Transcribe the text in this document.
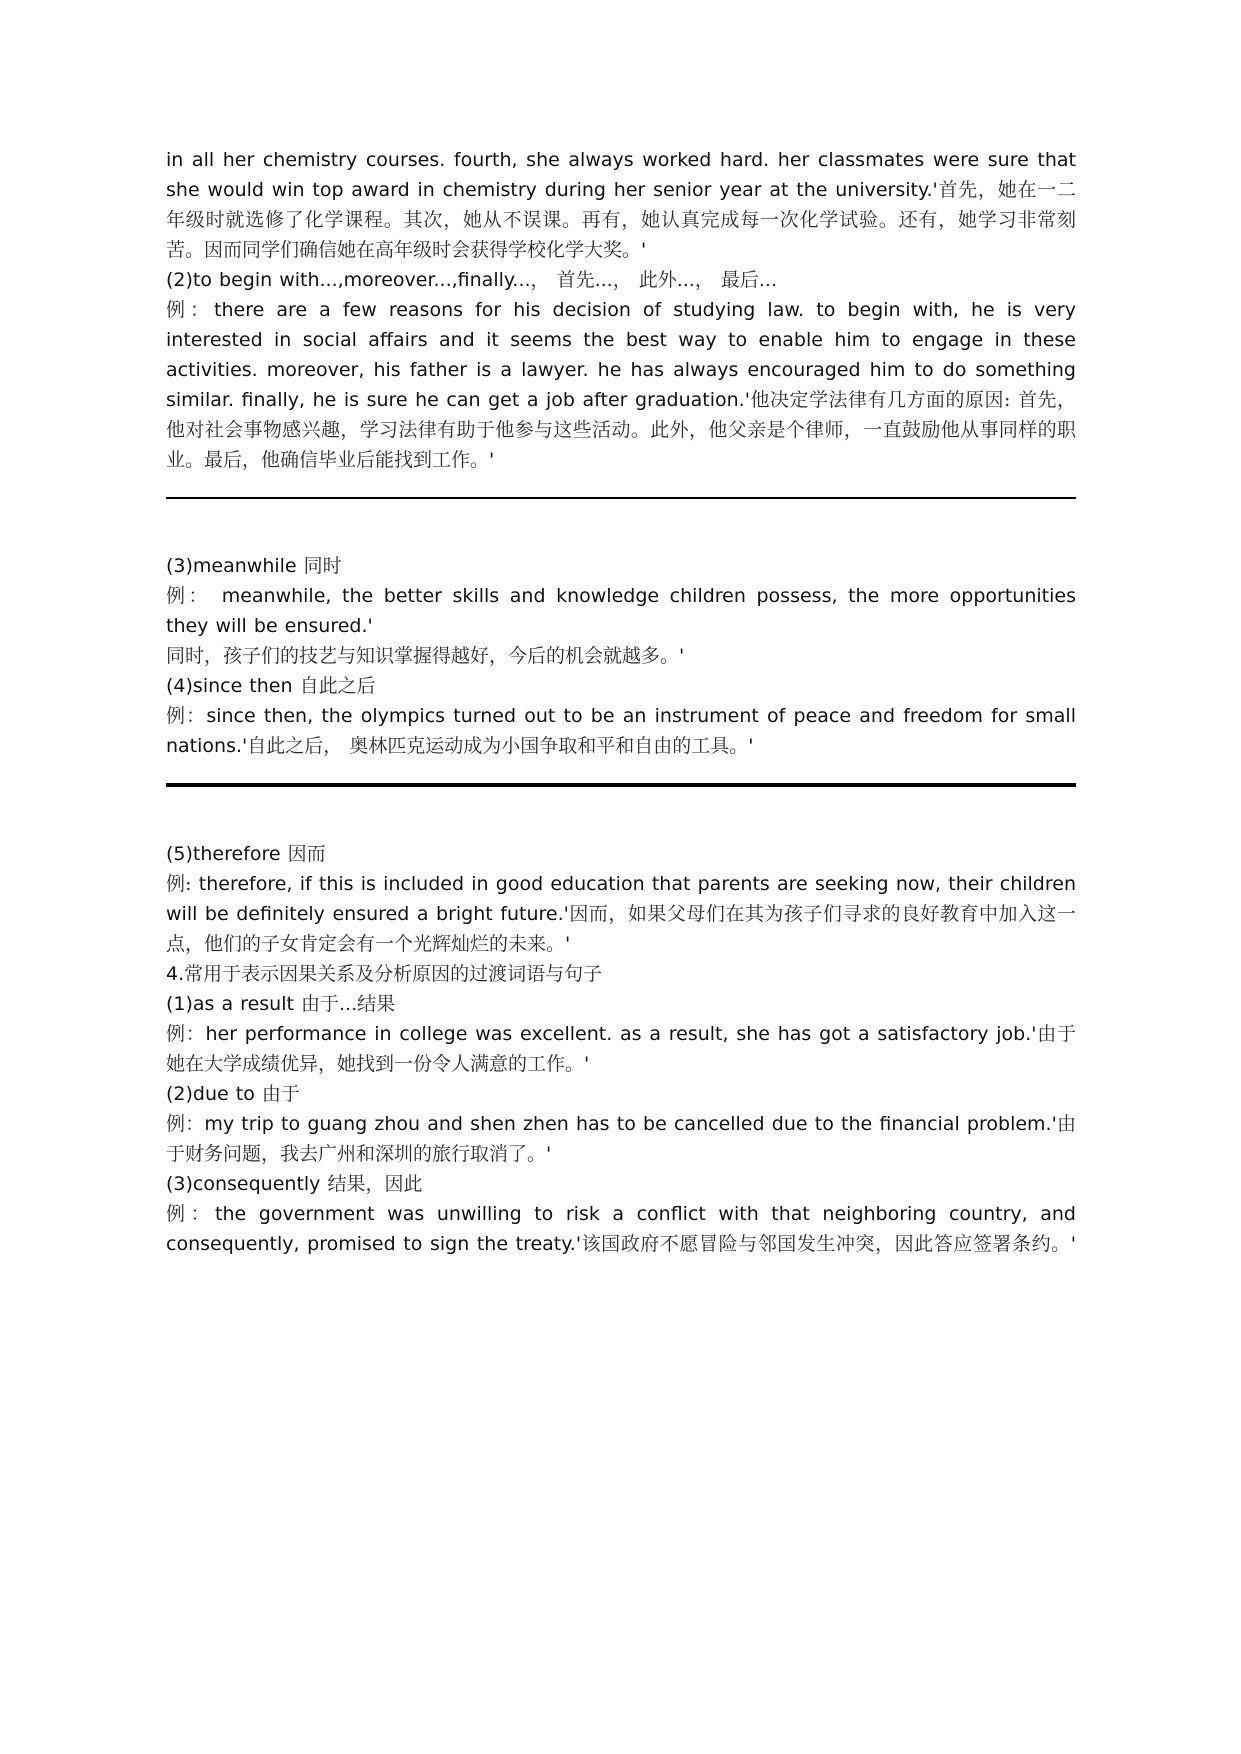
in all her chemistry courses. fourth, she always worked hard. her classmates were sure that she would win top award in chemistry during her senior year at the university.'首先，她在一二年级时就选修了化学课程。其次，她从不误课。再有，她认真完成每一次化学试验。还有，她学习非常刻苦。因而同学们确信她在高年级时会获得学校化学大奖。'

(2)to begin with...,moreover...,finally...， 首先...， 此外...， 最后...

例：there are a few reasons for his decision of studying law. to begin with, he is very interested in social affairs and it seems the best way to enable him to engage in these activities. moreover, his father is a lawyer. he has always encouraged him to do something similar. finally, he is sure he can get a job after graduation.'他决定学法律有几方面的原因: 首先，他对社会事物感兴趣，学习法律有助于他参与这些活动。此外，他父亲是个律师，一直鼓励他从事同样的职业。最后，他确信毕业后能找到工作。'

(3)meanwhile 同时

例： meanwhile, the better skills and knowledge children possess, the more opportunities they will be ensured.'

同时，孩子们的技艺与知识掌握得越好，今后的机会就越多。'

(4)since then 自此之后

例：since then, the olympics turned out to be an instrument of peace and freedom for small nations.'自此之后， 奥林匹克运动成为小国争取和平和自由的工具。'

(5)therefore 因而

例: therefore, if this is included in good education that parents are seeking now, their children will be definitely ensured a bright future.'因而，如果父母们在其为孩子们寻求的良好教育中加入这一点，他们的子女肯定会有一个光辉灿烂的未来。'

4.常用于表示因果关系及分析原因的过渡词语与句子

(1)as a result 由于...结果

例：her performance in college was excellent. as a result, she has got a satisfactory job.'由于她在大学成绩优异，她找到一份令人满意的工作。'

(2)due to 由于

例：my trip to guang zhou and shen zhen has to be cancelled due to the financial problem.'由于财务问题，我去广州和深圳的旅行取消了。'

(3)consequently 结果，因此

例：the government was unwilling to risk a conflict with that neighboring country, and consequently, promised to sign the treaty.'该国政府不愿冒险与邻国发生冲突，因此答应签署条约。'
